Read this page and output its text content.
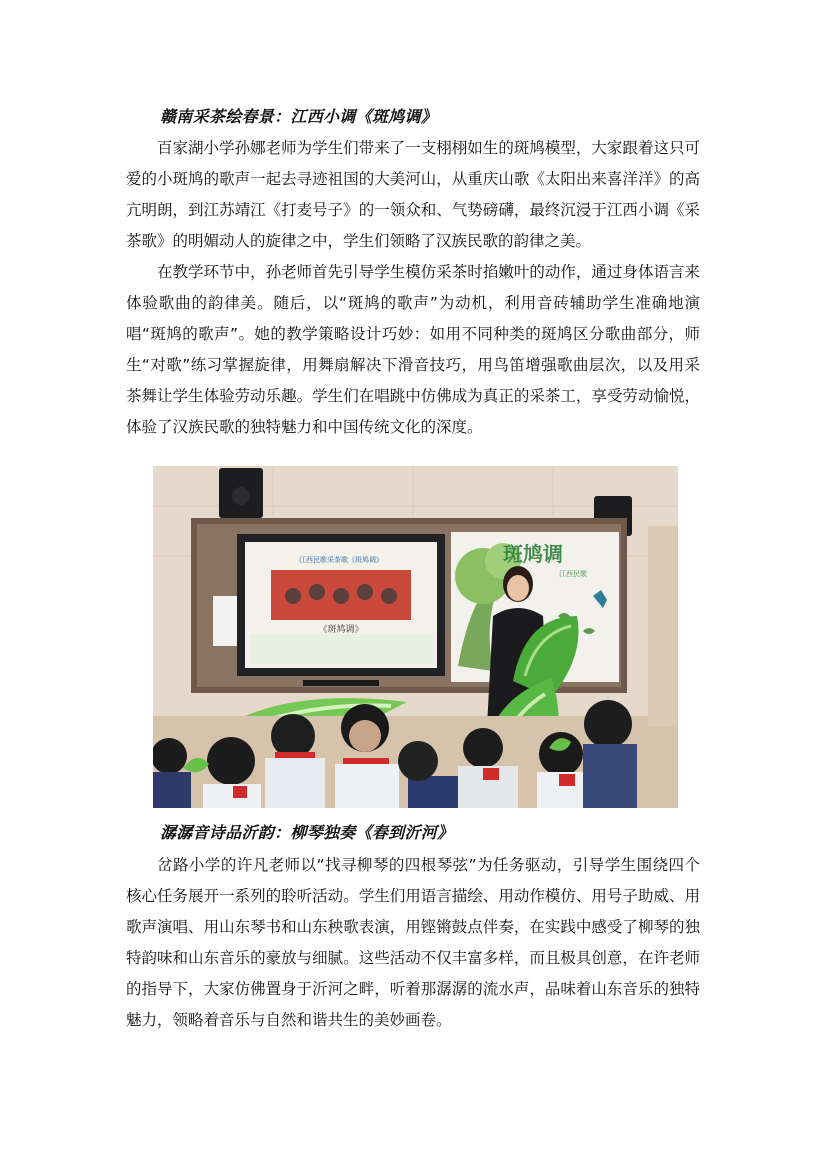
赣南采茶绘春景：江西小调《斑鸠调》

百家湖小学孙娜老师为学生们带来了一支栩栩如生的斑鸠模型，大家跟着这只可爱的小斑鸠的歌声一起去寻迹祖国的大美河山，从重庆山歌《太阳出来喜洋洋》的高亢明朗，到江苏靖江《打麦号子》的一领众和、气势磅礴，最终沉浸于江西小调《采茶歌》的明媚动人的旋律之中，学生们领略了汉族民歌的韵律之美。

在教学环节中，孙老师首先引导学生模仿采茶时掐嫩叶的动作，通过身体语言来体验歌曲的韵律美。随后，以“斑鸠的歌声”为动机，利用音砖辅助学生准确地演唱“斑鸠的歌声”。她的教学策略设计巧妙：如用不同种类的斑鸠区分歌曲部分，师生“对歌”练习掌握旋律，用舞扇解决下滑音技巧，用鸟笛增强歌曲层次，以及用采茶舞让学生体验劳动乐趣。学生们在唱跳中仿佛成为真正的采茶工，享受劳动愉悦，体验了汉族民歌的独特魅力和中国传统文化的深度。

江西民歌采茶歌《斑鸠调》
《斑鸠调》
斑鸠调
江西民歌
潺潺音诗品沂韵：柳琴独奏《春到沂河》

岔路小学的许凡老师以“找寻柳琴的四根琴弦”为任务驱动，引导学生围绕四个核心任务展开一系列的聆听活动。学生们用语言描绘、用动作模仿、用号子助威、用歌声演唱、用山东琴书和山东秧歌表演，用铿锵鼓点伴奏，在实践中感受了柳琴的独特韵味和山东音乐的豪放与细腻。这些活动不仅丰富多样，而且极具创意，在许老师的指导下，大家仿佛置身于沂河之畔，听着那潺潺的流水声，品味着山东音乐的独特魅力，领略着音乐与自然和谐共生的美妙画卷。
